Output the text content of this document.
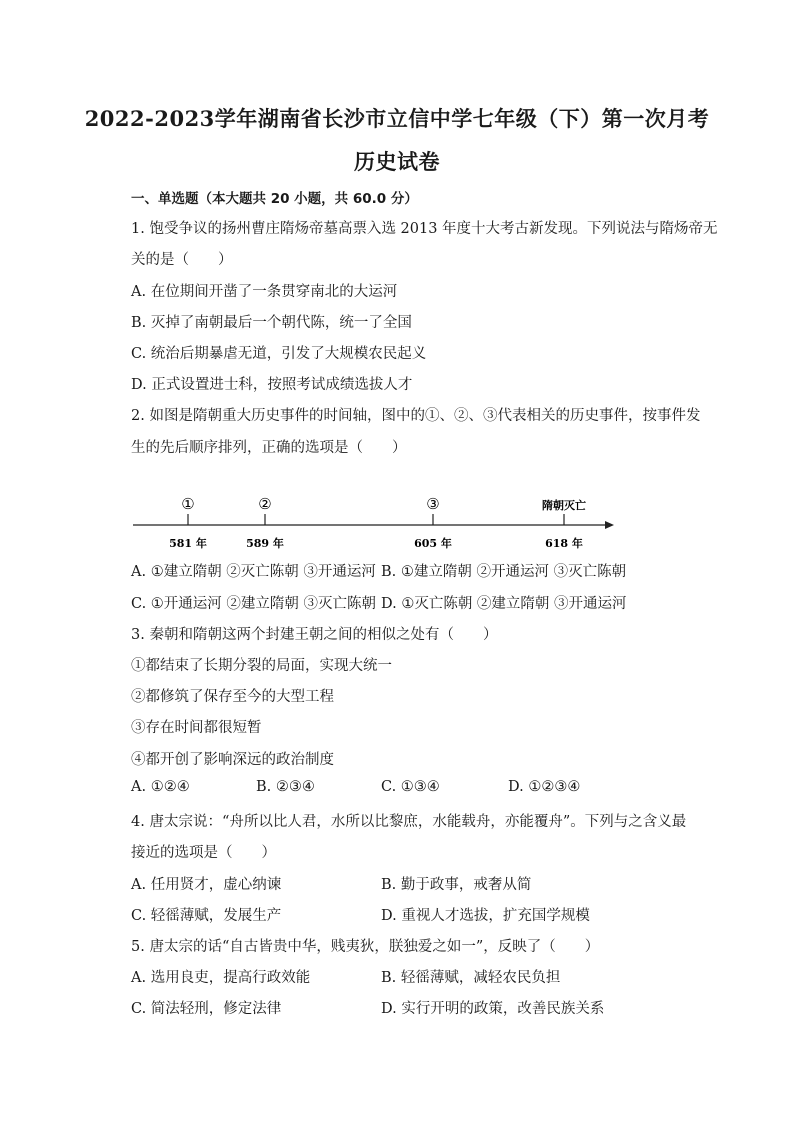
2022-2023学年湖南省长沙市立信中学七年级（下）第一次月考
历史试卷
一、单选题（本大题共 20 小题，共 60.0 分）
1. 饱受争议的扬州曹庄隋炀帝墓高票入选 2013 年度十大考古新发现。下列说法与隋炀帝无
关的是（　　）
A. 在位期间开凿了一条贯穿南北的大运河
B. 灭掉了南朝最后一个朝代陈，统一了全国
C. 统治后期暴虐无道，引发了大规模农民起义
D. 正式设置进士科，按照考试成绩选拔人才
2. 如图是隋朝重大历史事件的时间轴，图中的①、②、③代表相关的历史事件，按事件发
生的先后顺序排列，正确的选项是（　　）
①	②	③	隋朝灭亡
581 年	589 年	605 年	618 年
A. ①建立隋朝 ②灭亡陈朝 ③开通运河 B. ①建立隋朝 ②开通运河 ③灭亡陈朝
C. ①开通运河 ②建立隋朝 ③灭亡陈朝 D. ①灭亡陈朝 ②建立隋朝 ③开通运河
3. 秦朝和隋朝这两个封建王朝之间的相似之处有（　　）
①都结束了长期分裂的局面，实现大统一
②都修筑了保存至今的大型工程
③存在时间都很短暂
④都开创了影响深远的政治制度
A. ①②④	B. ②③④	C. ①③④	D. ①②③④
4. 唐太宗说：“舟所以比人君，水所以比黎庶，水能载舟，亦能覆舟”。下列与之含义最
接近的选项是（　　）
A. 任用贤才，虚心纳谏	B. 勤于政事，戒奢从简
C. 轻徭薄赋，发展生产	D. 重视人才选拔，扩充国学规模
5. 唐太宗的话“自古皆贵中华，贱夷狄，朕独爱之如一”，反映了（　　）
A. 选用良吏，提高行政效能	B. 轻徭薄赋，减轻农民负担
C. 简法轻刑，修定法律	D. 实行开明的政策，改善民族关系
